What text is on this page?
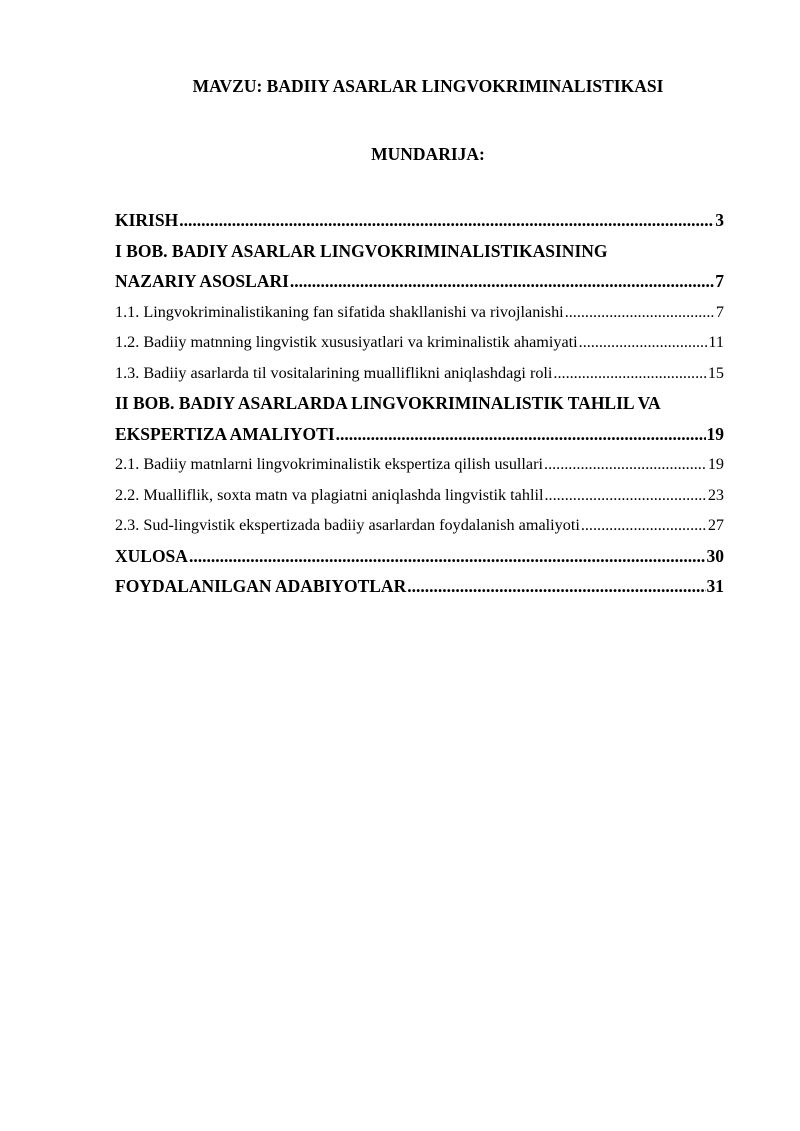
MAVZU: BADIIY ASARLAR LINGVOKRIMINALISTIKASI

MUNDARIJA:

KIRISH .....	3
I BOB. BADIY ASARLAR LINGVOKRIMINALISTIKASINING
NAZARIY ASOSLARI .....	7
1.1. Lingvokriminalistikaning fan sifatida shakllanishi va rivojlanishi .....	7
1.2. Badiiy matnning lingvistik xususiyatlari va kriminalistik ahamiyati .....	11
1.3. Badiiy asarlarda til vositalarining muallifliknі aniqlashdagi roli .....	15
II BOB. BADIY ASARLARDA LINGVOKRIMINALISTIK TAHLIL VA
EKSPERTIZA AMALIYOTI .....	19
2.1. Badiiy matnlarni lingvokriminalistik ekspertiza qilish usullari .....	19
2.2. Mualliflik, soxta matn va plagiatni aniqlashda lingvistik tahlil .....	23
2.3. Sud-lingvistik ekspertizada badiiy asarlardan foydalanish amaliyoti .....	27
XULOSA .....	30
FOYDALANILGAN ADABIYOTLAR .....	31
